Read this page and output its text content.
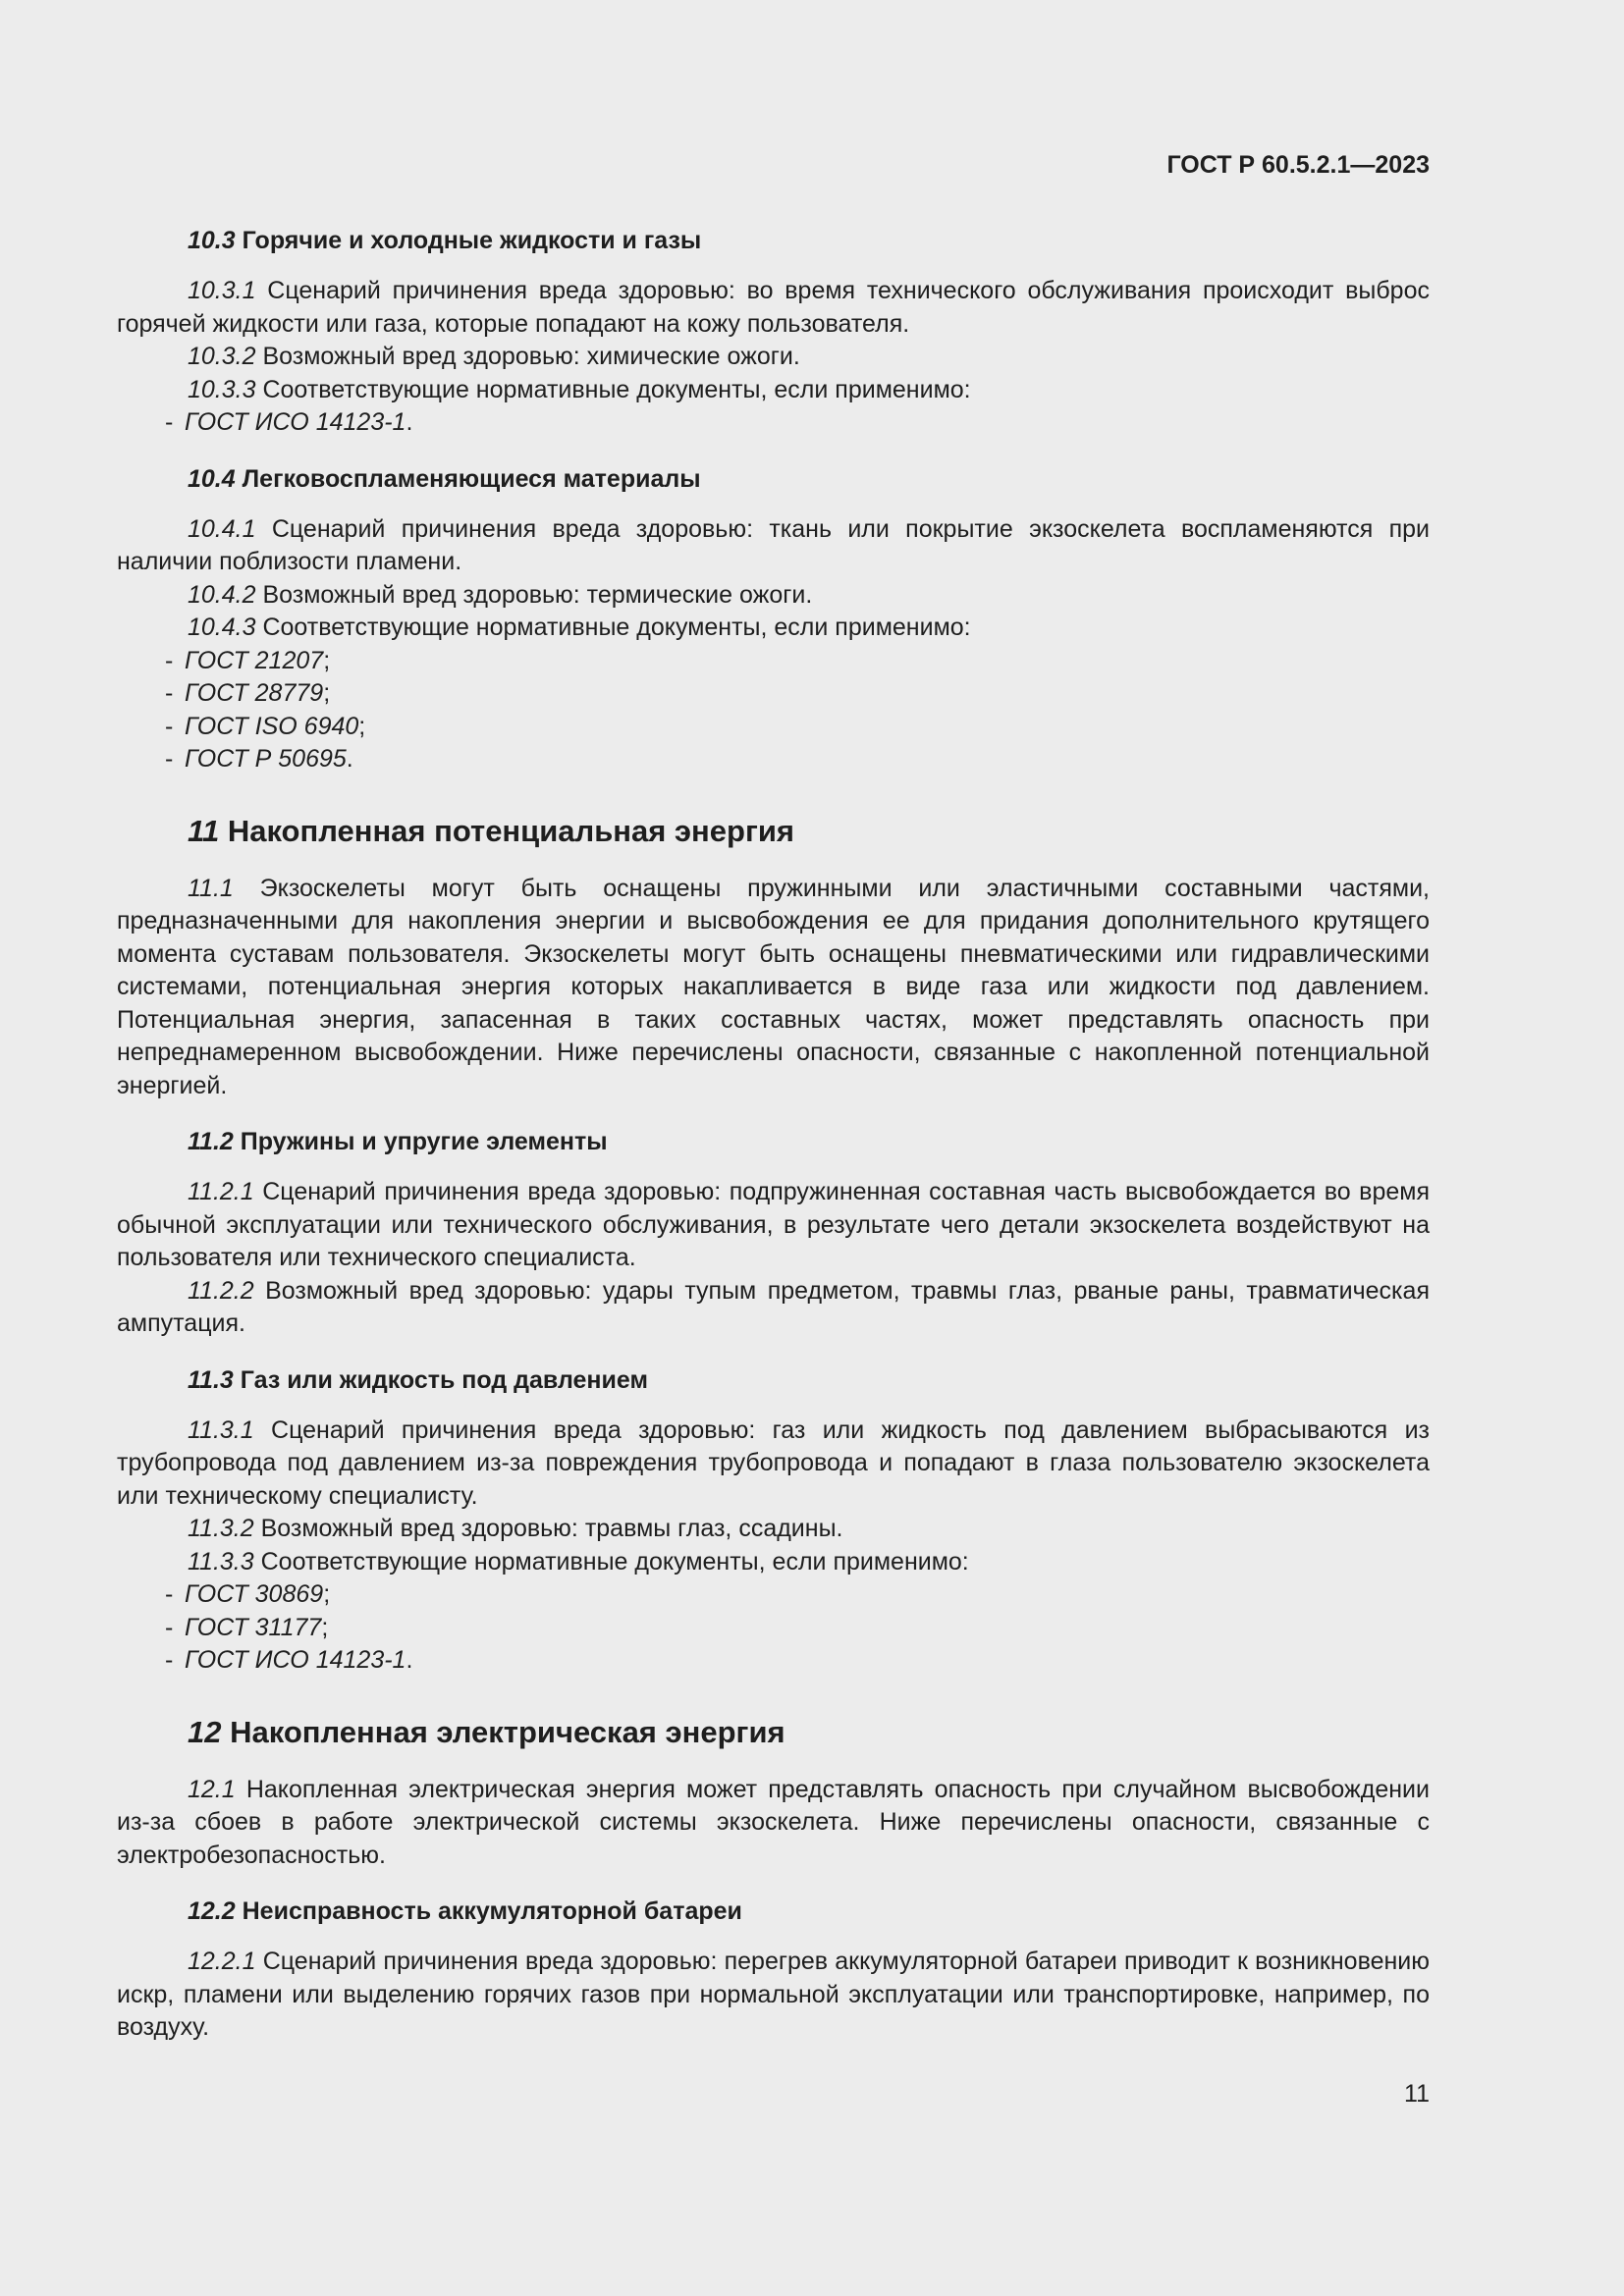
ГОСТ Р 60.5.2.1—2023
10.3 Горячие и холодные жидкости и газы

10.3.1 Сценарий причинения вреда здоровью: во время технического обслуживания происходит выброс горячей жидкости или газа, которые попадают на кожу пользователя.

10.3.2 Возможный вред здоровью: химические ожоги.

10.3.3 Соответствующие нормативные документы, если применимо:

- ГОСТ ИСО 14123-1.

10.4 Легковоспламеняющиеся материалы

10.4.1 Сценарий причинения вреда здоровью: ткань или покрытие экзоскелета воспламеняются при наличии поблизости пламени.

10.4.2 Возможный вред здоровью: термические ожоги.

10.4.3 Соответствующие нормативные документы, если применимо:

- ГОСТ 21207;

- ГОСТ 28779;

- ГОСТ ISO 6940;

- ГОСТ Р 50695.

11 Накопленная потенциальная энергия

11.1 Экзоскелеты могут быть оснащены пружинными или эластичными составными частями, предназначенными для накопления энергии и высвобождения ее для придания дополнительного крутящего момента суставам пользователя. Экзоскелеты могут быть оснащены пневматическими или гидравлическими системами, потенциальная энергия которых накапливается в виде газа или жидкости под давлением. Потенциальная энергия, запасенная в таких составных частях, может представлять опасность при непреднамеренном высвобождении. Ниже перечислены опасности, связанные с накопленной потенциальной энергией.

11.2 Пружины и упругие элементы

11.2.1 Сценарий причинения вреда здоровью: подпружиненная составная часть высвобождается во время обычной эксплуатации или технического обслуживания, в результате чего детали экзоскелета воздействуют на пользователя или технического специалиста.

11.2.2 Возможный вред здоровью: удары тупым предметом, травмы глаз, рваные раны, травматическая ампутация.

11.3 Газ или жидкость под давлением

11.3.1 Сценарий причинения вреда здоровью: газ или жидкость под давлением выбрасываются из трубопровода под давлением из-за повреждения трубопровода и попадают в глаза пользователю экзоскелета или техническому специалисту.

11.3.2 Возможный вред здоровью: травмы глаз, ссадины.

11.3.3 Соответствующие нормативные документы, если применимо:

- ГОСТ 30869;

- ГОСТ 31177;

- ГОСТ ИСО 14123-1.

12 Накопленная электрическая энергия

12.1 Накопленная электрическая энергия может представлять опасность при случайном высвобождении из-за сбоев в работе электрической системы экзоскелета. Ниже перечислены опасности, связанные с электробезопасностью.

12.2 Неисправность аккумуляторной батареи

12.2.1 Сценарий причинения вреда здоровью: перегрев аккумуляторной батареи приводит к возникновению искр, пламени или выделению горячих газов при нормальной эксплуатации или транспортировке, например, по воздуху.

11
